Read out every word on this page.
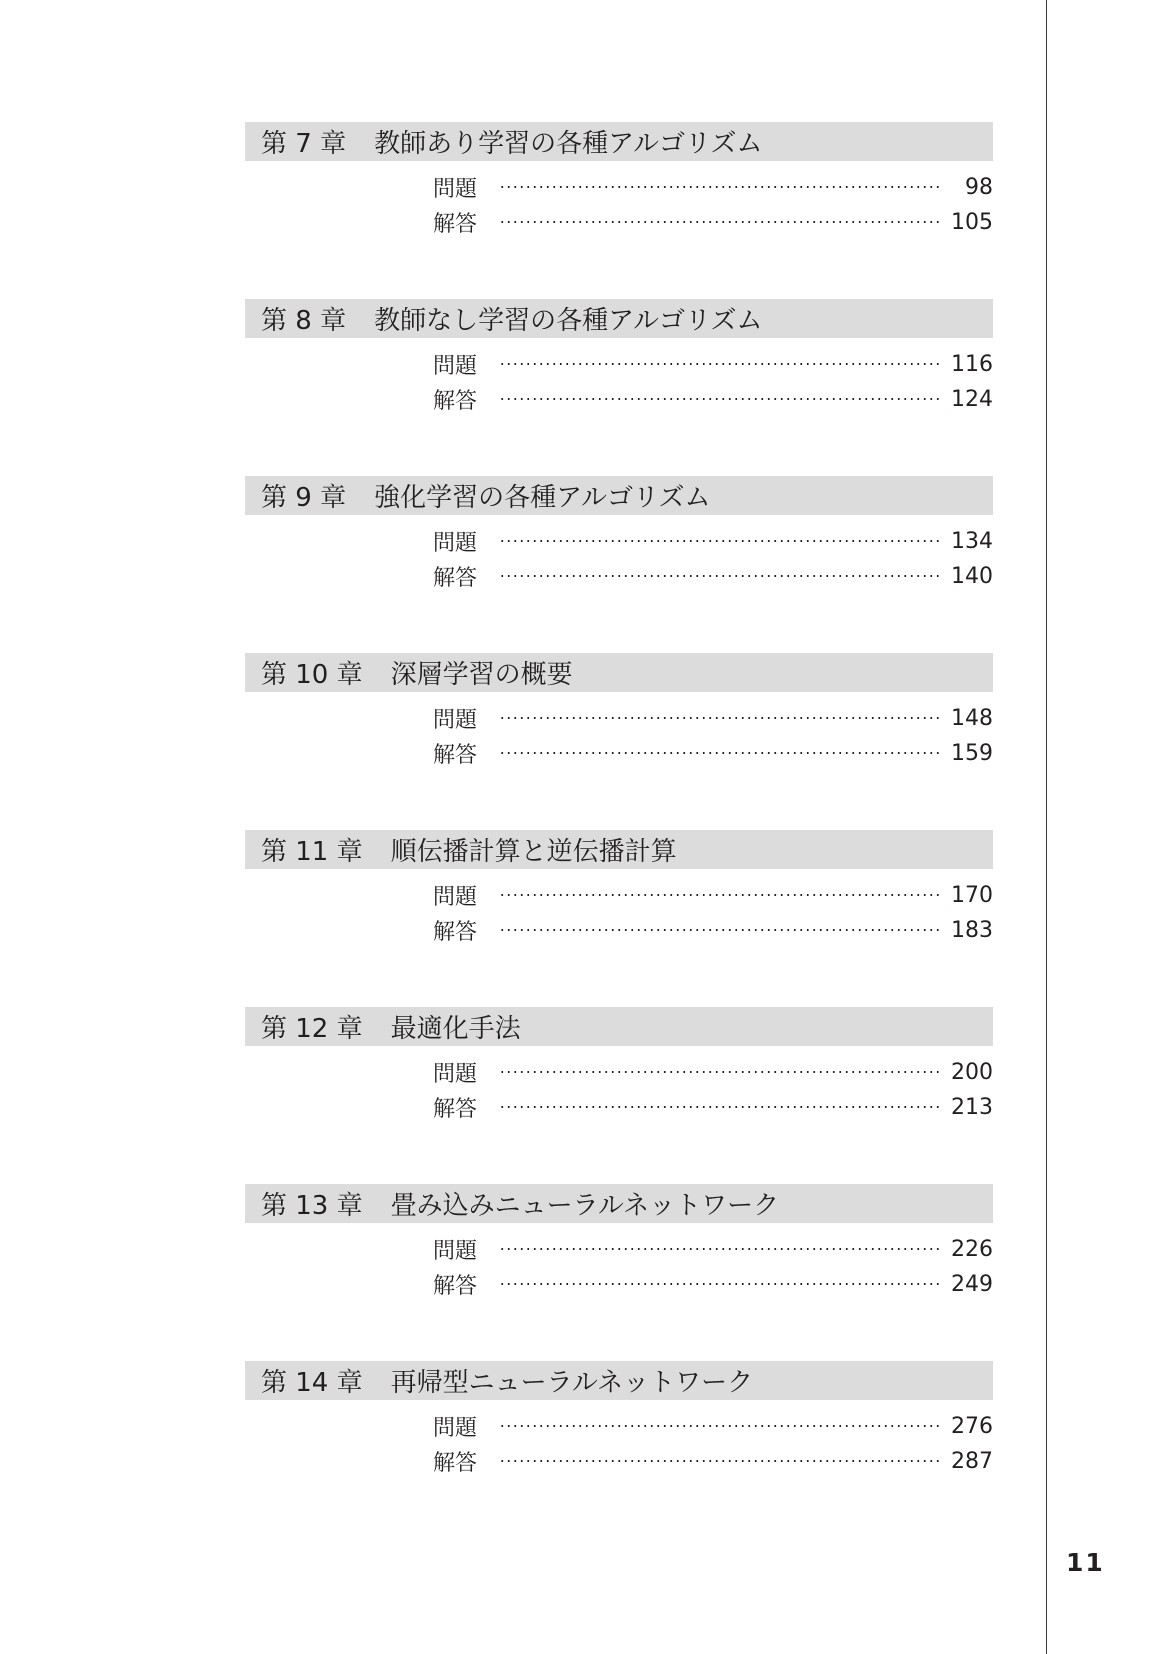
第 7 章	教師あり学習の各種アルゴリズム
問題	98
解答	105
第 8 章	教師なし学習の各種アルゴリズム
問題	116
解答	124
第 9 章	強化学習の各種アルゴリズム
問題	134
解答	140
第 10 章	深層学習の概要
問題	148
解答	159
第 11 章	順伝播計算と逆伝播計算
問題	170
解答	183
第 12 章	最適化手法
問題	200
解答	213
第 13 章	畳み込みニューラルネットワーク
問題	226
解答	249
第 14 章	再帰型ニューラルネットワーク
問題	276
解答	287
11
